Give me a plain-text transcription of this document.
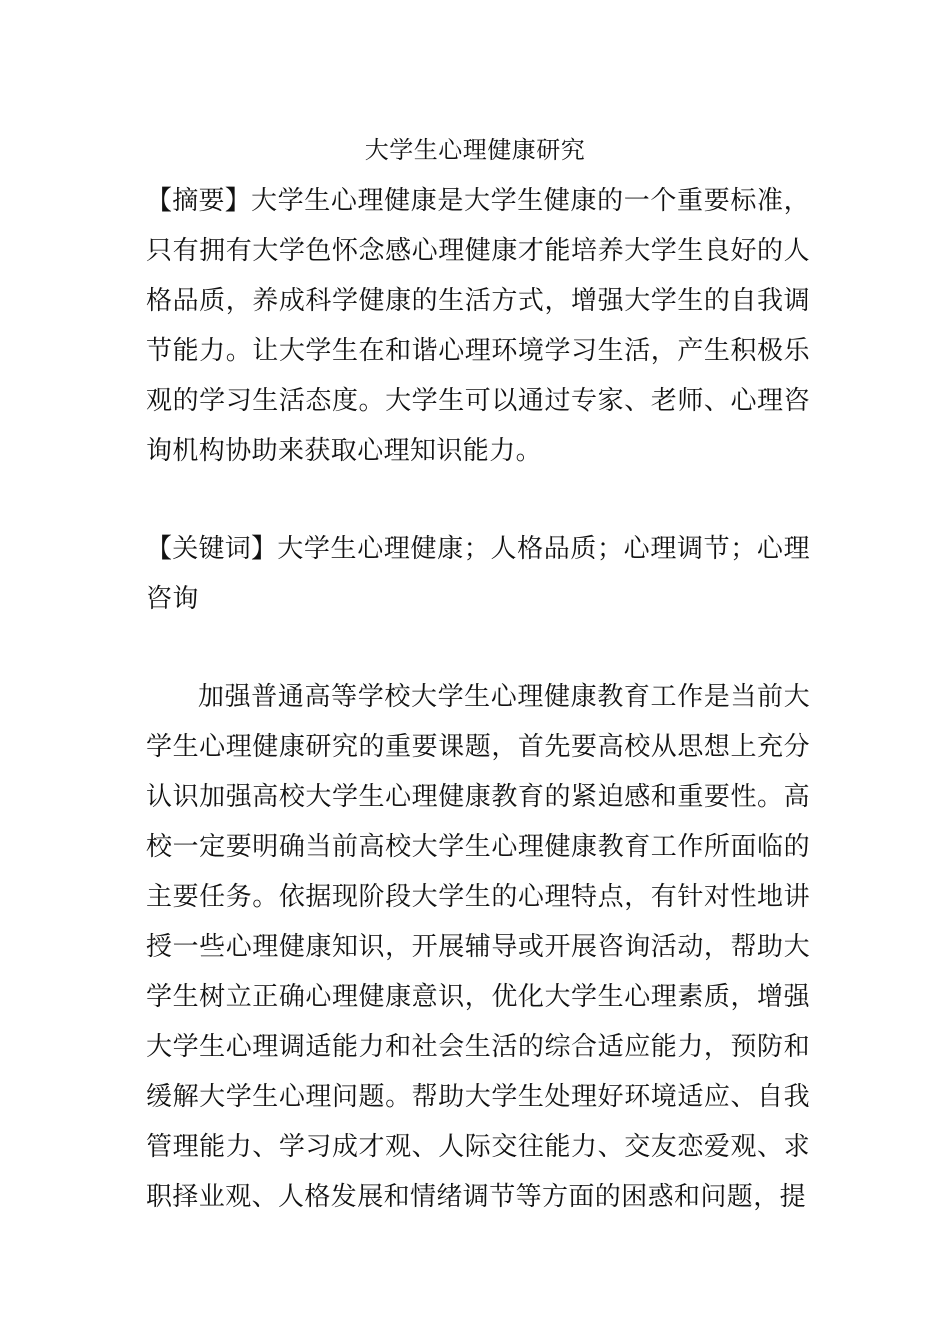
大学生心理健康研究
【摘要】大学生心理健康是大学生健康的一个重要标准，只有拥有大学色怀念感心理健康才能培养大学生良好的人格品质，养成科学健康的生活方式，增强大学生的自我调节能力。让大学生在和谐心理环境学习生活，产生积极乐观的学习生活态度。大学生可以通过专家、老师、心理咨询机构协助来获取心理知识能力。
【关键词】大学生心理健康；人格品质；心理调节；心理咨询
加强普通高等学校大学生心理健康教育工作是当前大学生心理健康研究的重要课题，首先要高校从思想上充分认识加强高校大学生心理健康教育的紧迫感和重要性。高校一定要明确当前高校大学生心理健康教育工作所面临的主要任务。依据现阶段大学生的心理特点，有针对性地讲授一些心理健康知识，开展辅导或开展咨询活动，帮助大学生树立正确心理健康意识，优化大学生心理素质，增强大学生心理调适能力和社会生活的综合适应能力，预防和缓解大学生心理问题。帮助大学生处理好环境适应、自我管理能力、学习成才观、人际交往能力、交友恋爱观、求职择业观、人格发展和情绪调节等方面的困惑和问题，提
